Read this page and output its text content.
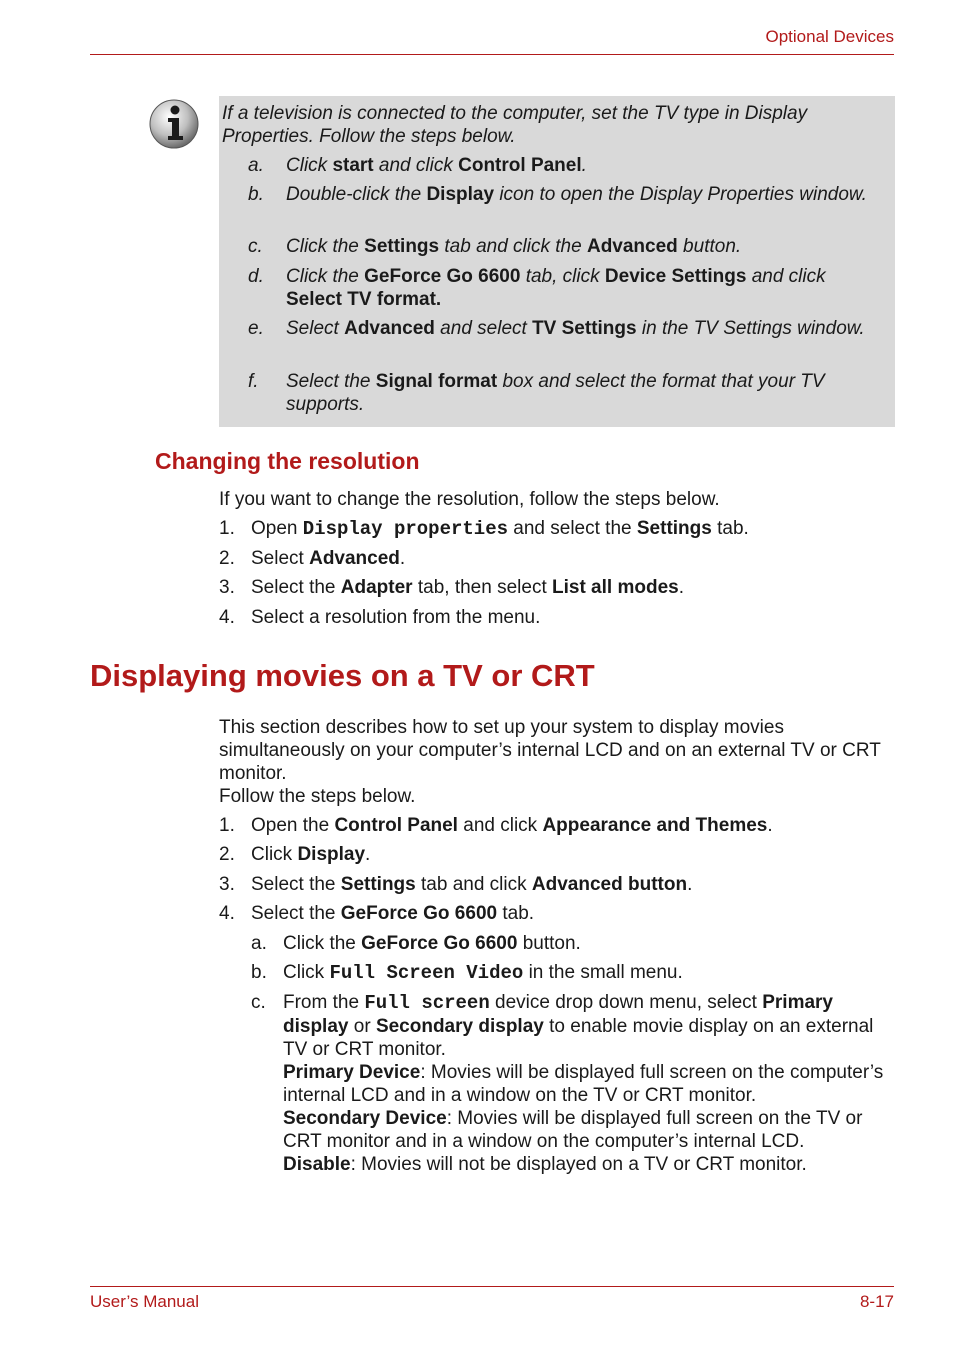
Optional Devices
If a television is connected to the computer, set the TV type in Display Properties. Follow the steps below.
a. Click start and click Control Panel.
b. Double-click the Display icon to open the Display Properties window.
c. Click the Settings tab and click the Advanced button.
d. Click the GeForce Go 6600 tab, click Device Settings and click Select TV format.
e. Select Advanced and select TV Settings in the TV Settings window.
f. Select the Signal format box and select the format that your TV supports.
Changing the resolution
If you want to change the resolution, follow the steps below.
1. Open Display properties and select the Settings tab.
2. Select Advanced.
3. Select the Adapter tab, then select List all modes.
4. Select a resolution from the menu.
Displaying movies on a TV or CRT
This section describes how to set up your system to display movies simultaneously on your computer’s internal LCD and on an external TV or CRT monitor.
Follow the steps below.
1. Open the Control Panel and click Appearance and Themes.
2. Click Display.
3. Select the Settings tab and click Advanced button.
4. Select the GeForce Go 6600 tab.
a. Click the GeForce Go 6600 button.
b. Click Full Screen Video in the small menu.
c. From the Full screen device drop down menu, select Primary display or Secondary display to enable movie display on an external TV or CRT monitor.
Primary Device: Movies will be displayed full screen on the computer’s internal LCD and in a window on the TV or CRT monitor.
Secondary Device: Movies will be displayed full screen on the TV or CRT monitor and in a window on the computer’s internal LCD.
Disable: Movies will not be displayed on a TV or CRT monitor.
User’s Manual	8-17
